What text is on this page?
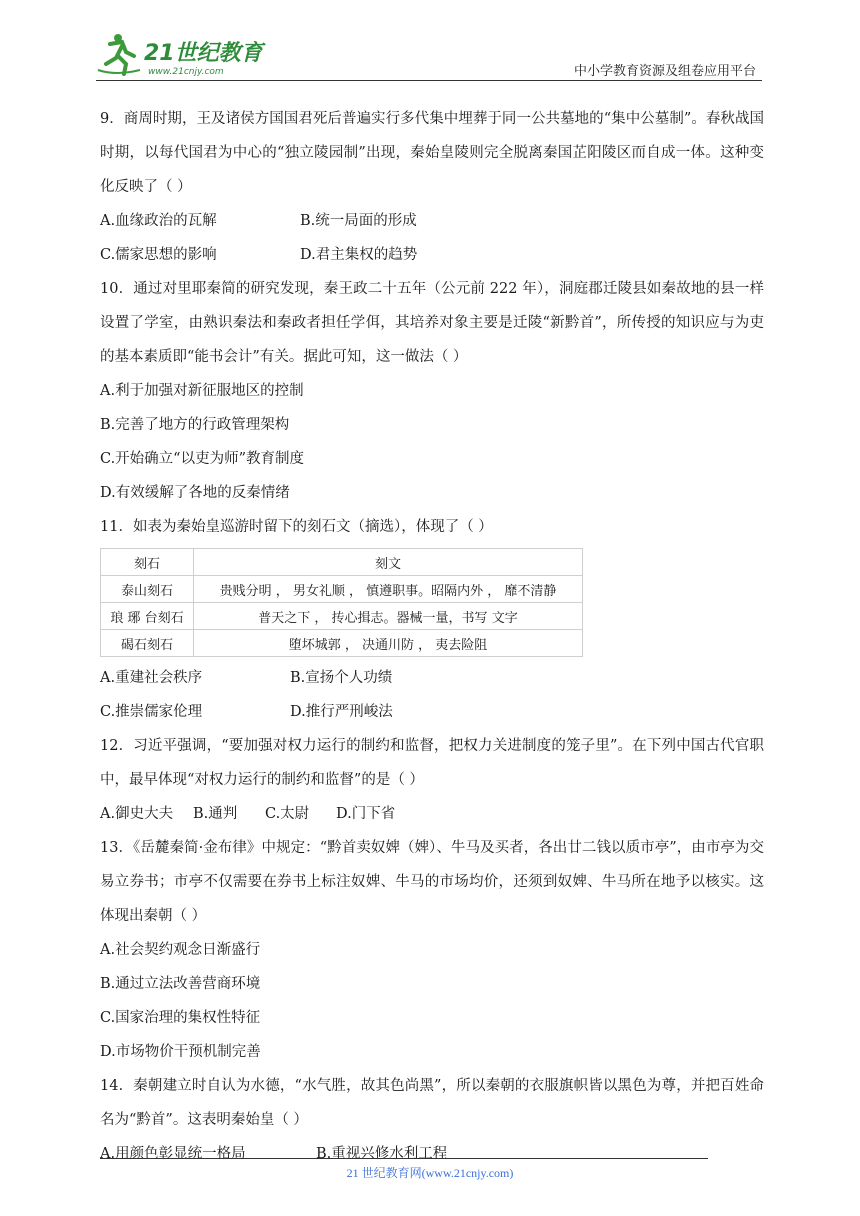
21世纪教育
www.21cnjy.com	中小学教育资源及组卷应用平台

9．商周时期，王及诸侯方国国君死后普遍实行多代集中埋葬于同一公共墓地的“集中公墓制”。春秋战国时期，以每代国君为中心的“独立陵园制”出现，秦始皇陵则完全脱离秦国芷阳陵区而自成一体。这种变化反映了（ ）

A.血缘政治的瓦解	B.统一局面的形成
C.儒家思想的影响	D.君主集权的趋势

10．通过对里耶秦简的研究发现，秦王政二十五年（公元前 222 年），洞庭郡迁陵县如秦故地的县一样设置了学室，由熟识秦法和秦政者担任学佴，其培养对象主要是迁陵“新黔首”，所传授的知识应与为吏的基本素质即“能书会计”有关。据此可知，这一做法（ ）

A.利于加强对新征服地区的控制

B.完善了地方的行政管理架构

C.开始确立“以吏为师”教育制度

D.有效缓解了各地的反秦情绪

11．如表为秦始皇巡游时留下的刻石文（摘选），体现了（ ）

刻石	刻文
泰山刻石	贵贱分明 ， 男女礼顺 ， 慎遵职事。昭隔内外 ， 靡不清静
琅 琊 台刻石	普天之下 ， 抟心揖志。器械一量，书写 文字
碣石刻石	堕坏城郭 ， 决通川防 ， 夷去险阻
A.重建社会秩序	B.宣扬个人功绩
C.推崇儒家伦理	D.推行严刑峻法

12．习近平强调，“要加强对权力运行的制约和监督，把权力关进制度的笼子里”。在下列中国古代官职中，最早体现“对权力运行的制约和监督”的是（ ）

A.御史大夫	B.通判	C.太尉	D.门下省

13．《岳麓秦简·金布律》中规定：“黔首卖奴婢（婢）、牛马及买者，各出廿二钱以质市亭”，由市亭为交易立券书；市亭不仅需要在券书上标注奴婢、牛马的市场均价，还须到奴婢、牛马所在地予以核实。这体现出秦朝（ ）

A.社会契约观念日渐盛行

B.通过立法改善营商环境

C.国家治理的集权性特征

D.市场物价干预机制完善

14．秦朝建立时自认为水德，“水气胜，故其色尚黑”，所以秦朝的衣服旗帜皆以黑色为尊，并把百姓命名为“黔首”。这表明秦始皇（ ）

A.用颜色彰显统一格局	B.重视兴修水利工程
21 世纪教育网(www.21cnjy.com)
